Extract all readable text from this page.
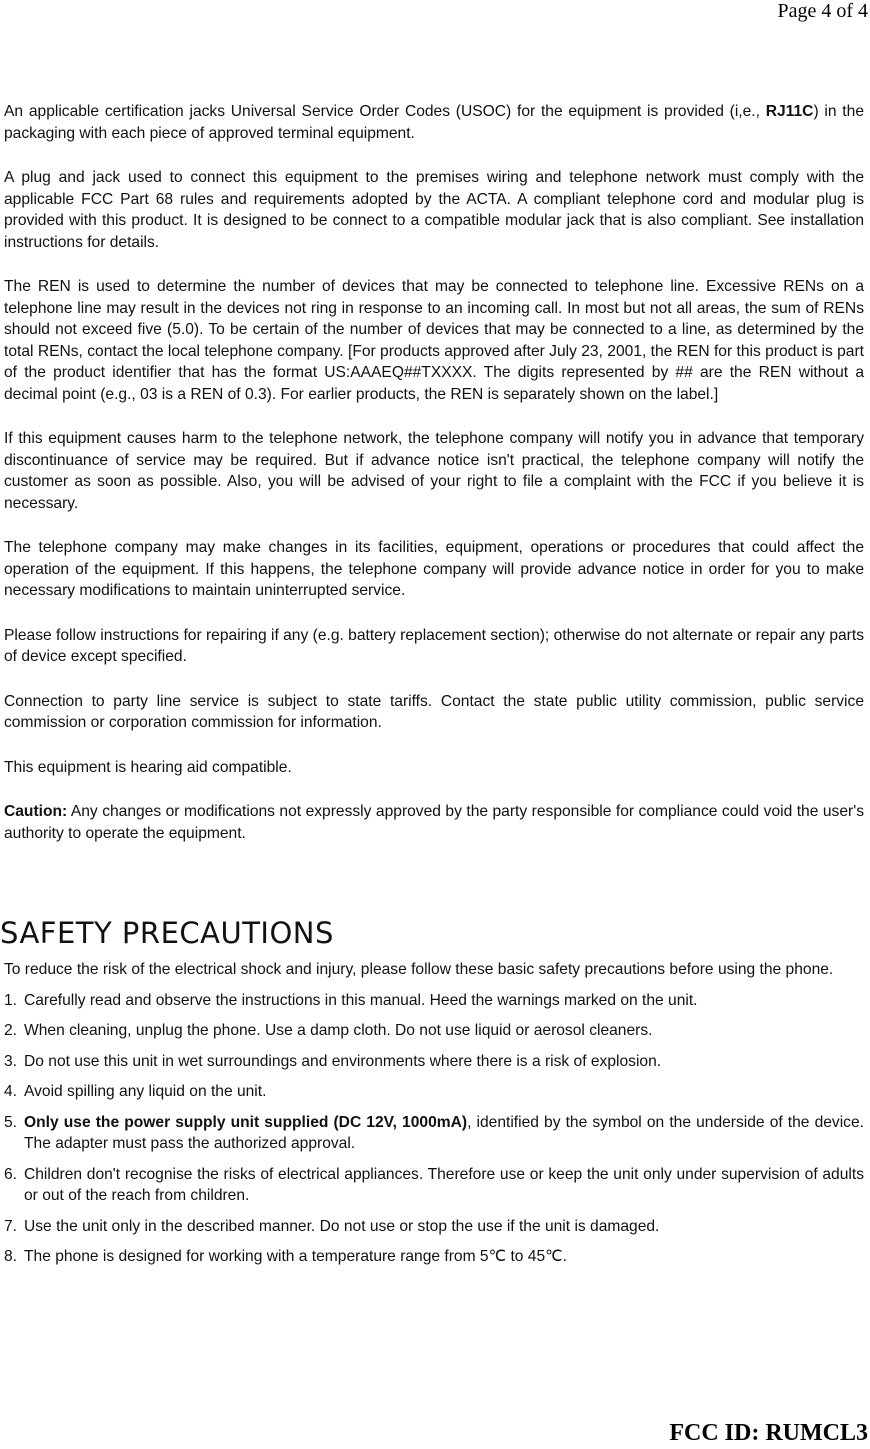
Page 4 of 4

An applicable certification jacks Universal Service Order Codes (USOC) for the equipment is provided (i,e., RJ11C) in the packaging with each piece of approved terminal equipment.

A plug and jack used to connect this equipment to the premises wiring and telephone network must comply with the applicable FCC Part 68 rules and requirements adopted by the ACTA. A compliant telephone cord and modular plug is provided with this product. It is designed to be connect to a compatible modular jack that is also compliant. See installation instructions for details.

The REN is used to determine the number of devices that may be connected to telephone line. Excessive RENs on a telephone line may result in the devices not ring in response to an incoming call. In most but not all areas, the sum of RENs should not exceed five (5.0). To be certain of the number of devices that may be connected to a line, as determined by the total RENs, contact the local telephone company. [For products approved after July 23, 2001, the REN for this product is part of the product identifier that has the format US:AAAEQ##TXXXX. The digits represented by ## are the REN without a decimal point (e.g., 03 is a REN of 0.3). For earlier products, the REN is separately shown on the label.]

If this equipment causes harm to the telephone network, the telephone company will notify you in advance that temporary discontinuance of service may be required. But if advance notice isn't practical, the telephone company will notify the customer as soon as possible. Also, you will be advised of your right to file a complaint with the FCC if you believe it is necessary.

The telephone company may make changes in its facilities, equipment, operations or procedures that could affect the operation of the equipment. If this happens, the telephone company will provide advance notice in order for you to make necessary modifications to maintain uninterrupted service.

Please follow instructions for repairing if any (e.g. battery replacement section); otherwise do not alternate or repair any parts of device except specified.

Connection to party line service is subject to state tariffs. Contact the state public utility commission, public service commission or corporation commission for information.

This equipment is hearing aid compatible.

Caution: Any changes or modifications not expressly approved by the party responsible for compliance could void the user's authority to operate the equipment.

SAFETY PRECAUTIONS

To reduce the risk of the electrical shock and injury, please follow these basic safety precautions before using the phone.

1. Carefully read and observe the instructions in this manual. Heed the warnings marked on the unit.
2. When cleaning, unplug the phone. Use a damp cloth. Do not use liquid or aerosol cleaners.
3. Do not use this unit in wet surroundings and environments where there is a risk of explosion.
4. Avoid spilling any liquid on the unit.
5. Only use the power supply unit supplied (DC 12V, 1000mA), identified by the symbol on the underside of the device. The adapter must pass the authorized approval.
6. Children don't recognise the risks of electrical appliances. Therefore use or keep the unit only under supervision of adults or out of the reach from children.
7. Use the unit only in the described manner. Do not use or stop the use if the unit is damaged.
8. The phone is designed for working with a temperature range from 5℃ to 45℃.
FCC ID: RUMCL3
